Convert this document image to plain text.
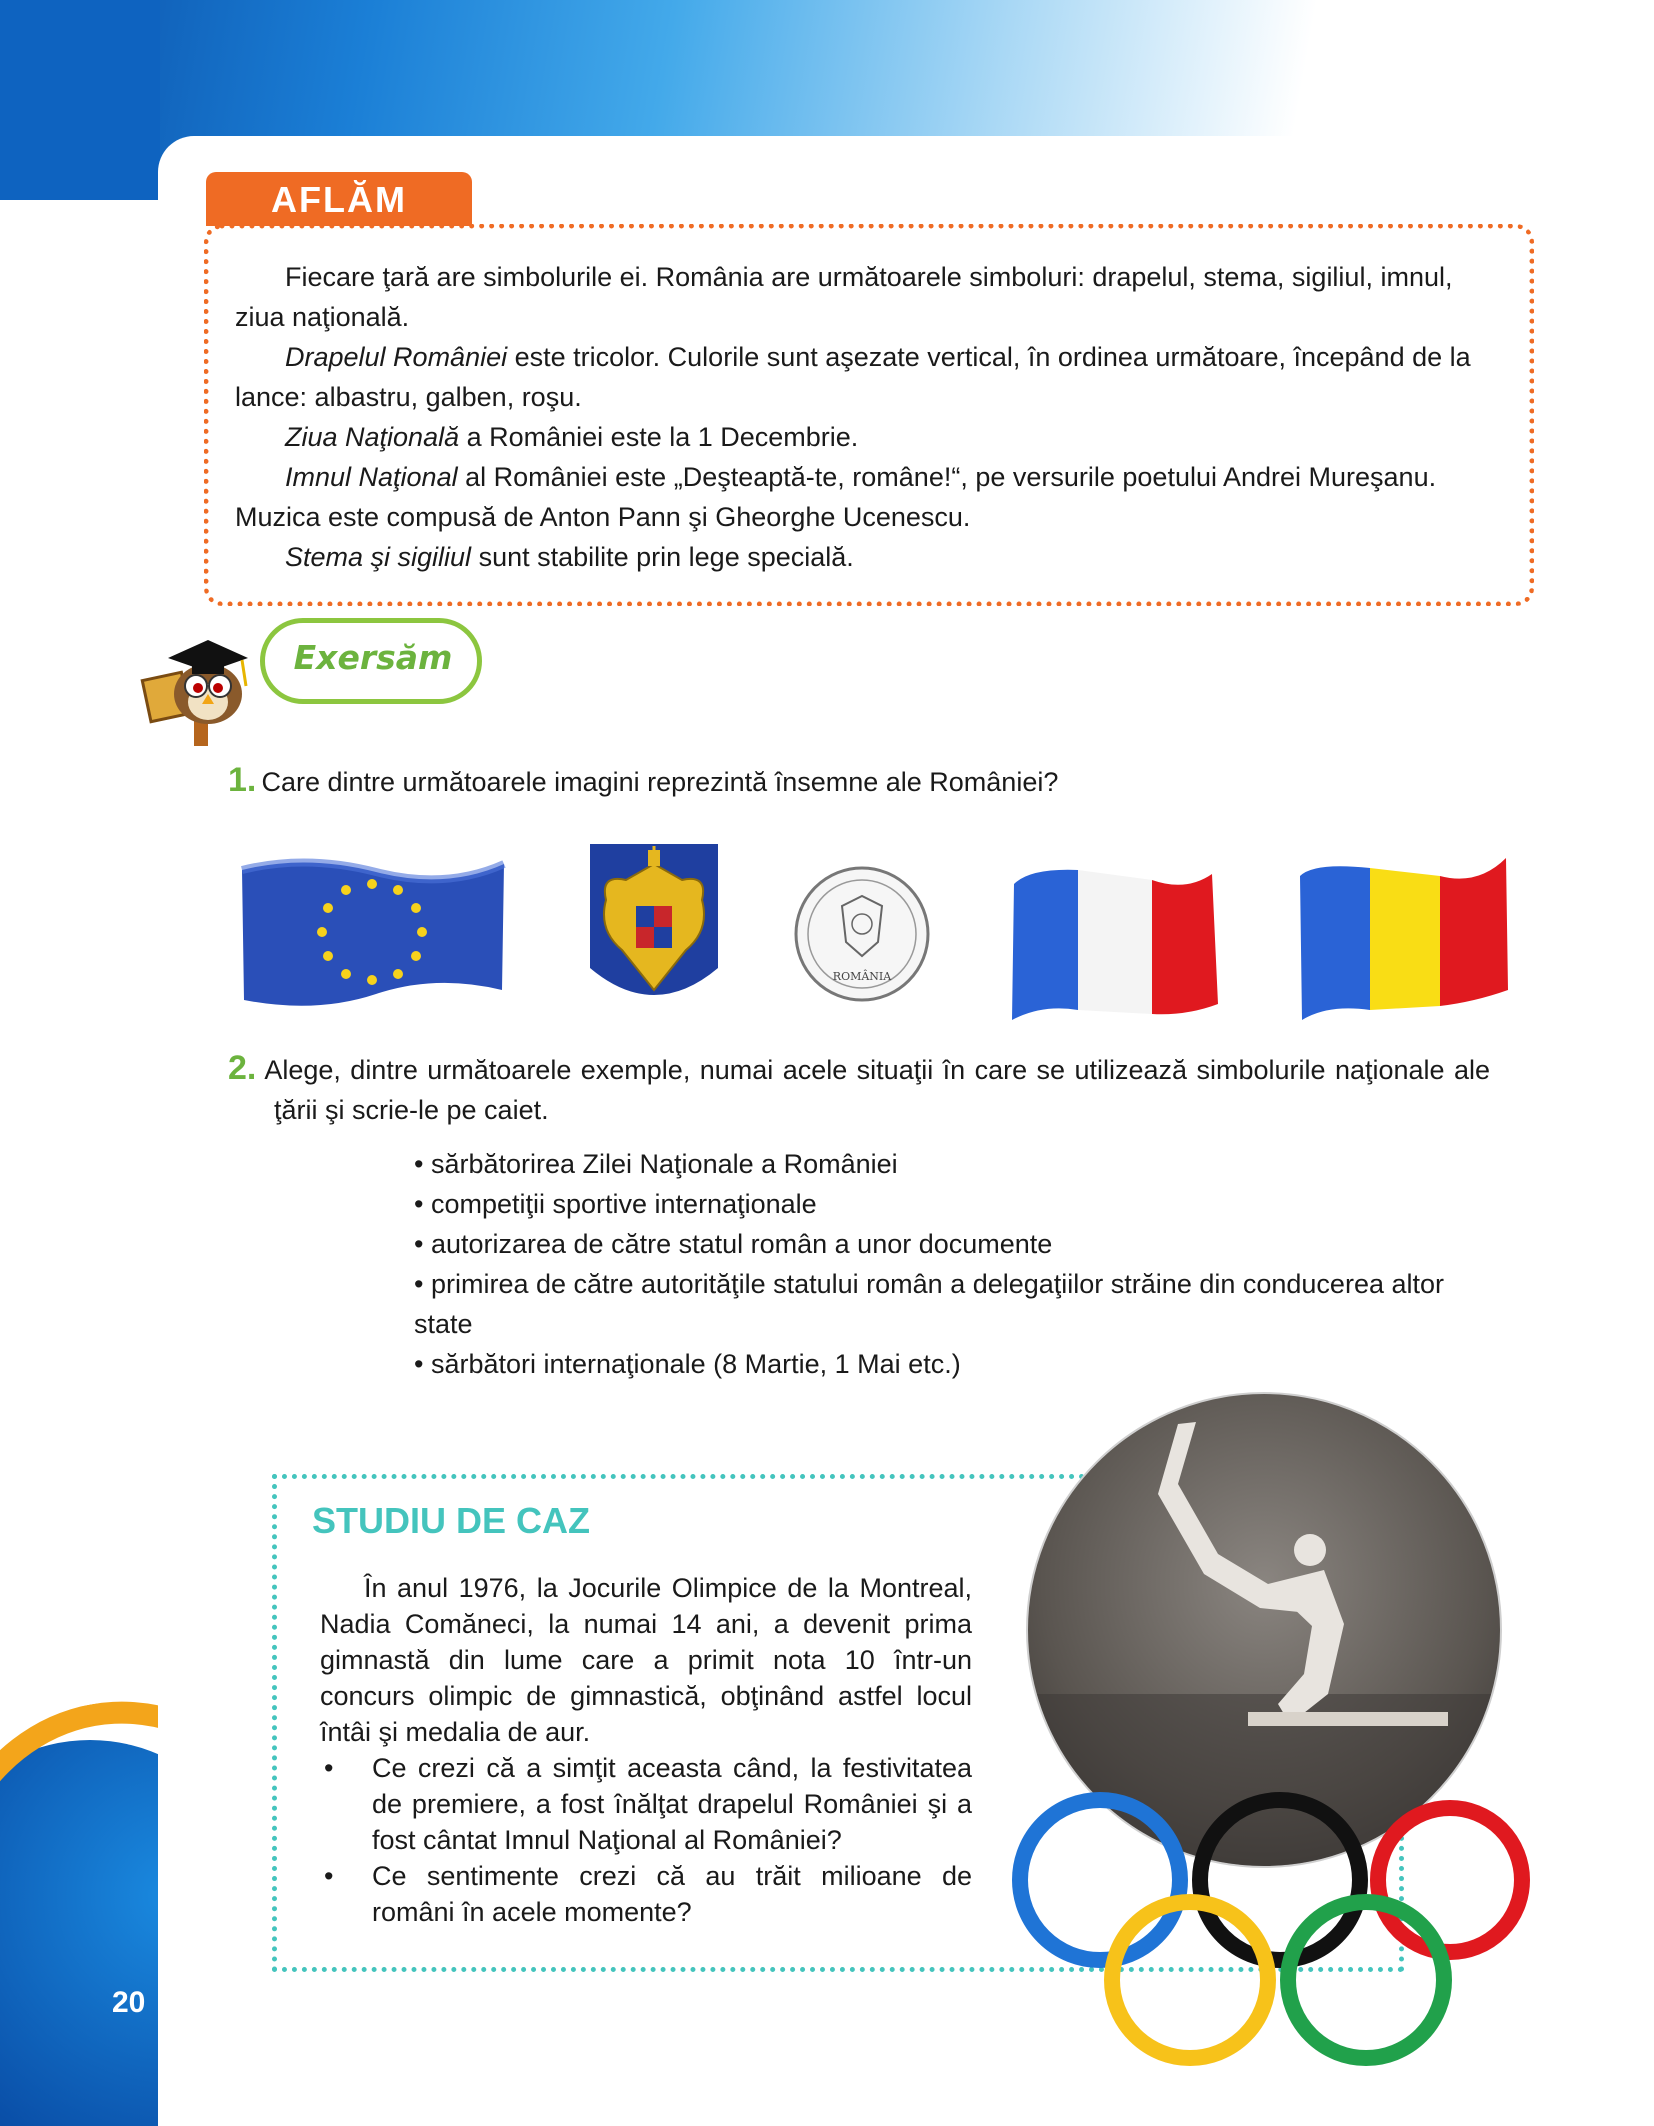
AFLĂM

Fiecare ţară are simbolurile ei. România are următoarele simboluri: drapelul, stema, sigiliul, imnul, ziua naţională.

Drapelul României este tricolor. Culorile sunt aşezate vertical, în ordinea următoare, începând de la lance: albastru, galben, roşu.

Ziua Naţională a României este la 1 Decembrie.

Imnul Naţional al României este „Deşteaptă-te, române!“, pe versurile poetului Andrei Mureşanu. Muzica este compusă de Anton Pann şi Gheorghe Ucenescu.

Stema şi sigiliul sunt stabilite prin lege specială.

Exersăm
1. Care dintre următoarele imagini reprezintă însemne ale României?
ROMÂNIA
2. Alege, dintre următoarele exemple, numai acele situaţii în care se utilizează simbolurile naţionale ale ţării şi scrie-le pe caiet.
• sărbătorirea Zilei Naţionale a României
• competiţii sportive internaţionale
• autorizarea de către statul român a unor documente
• primirea de către autorităţile statului român a delegaţiilor străine din conducerea altor state
• sărbători internaţionale (8 Martie, 1 Mai etc.)
STUDIU DE CAZ

În anul 1976, la Jocurile Olimpice de la Montreal, Nadia Comăneci, la numai 14 ani, a devenit prima gimnastă din lume care a primit nota 10 într-un concurs olimpic de gimnastică, obţinând astfel locul întâi şi medalia de aur.

• Ce crezi că a simţit aceasta când, la festivitatea de premiere, a fost înălţat drapelul României şi a fost cântat Imnul Naţional al României?
• Ce sentimente crezi că au trăit milioane de români în acele momente?
20
